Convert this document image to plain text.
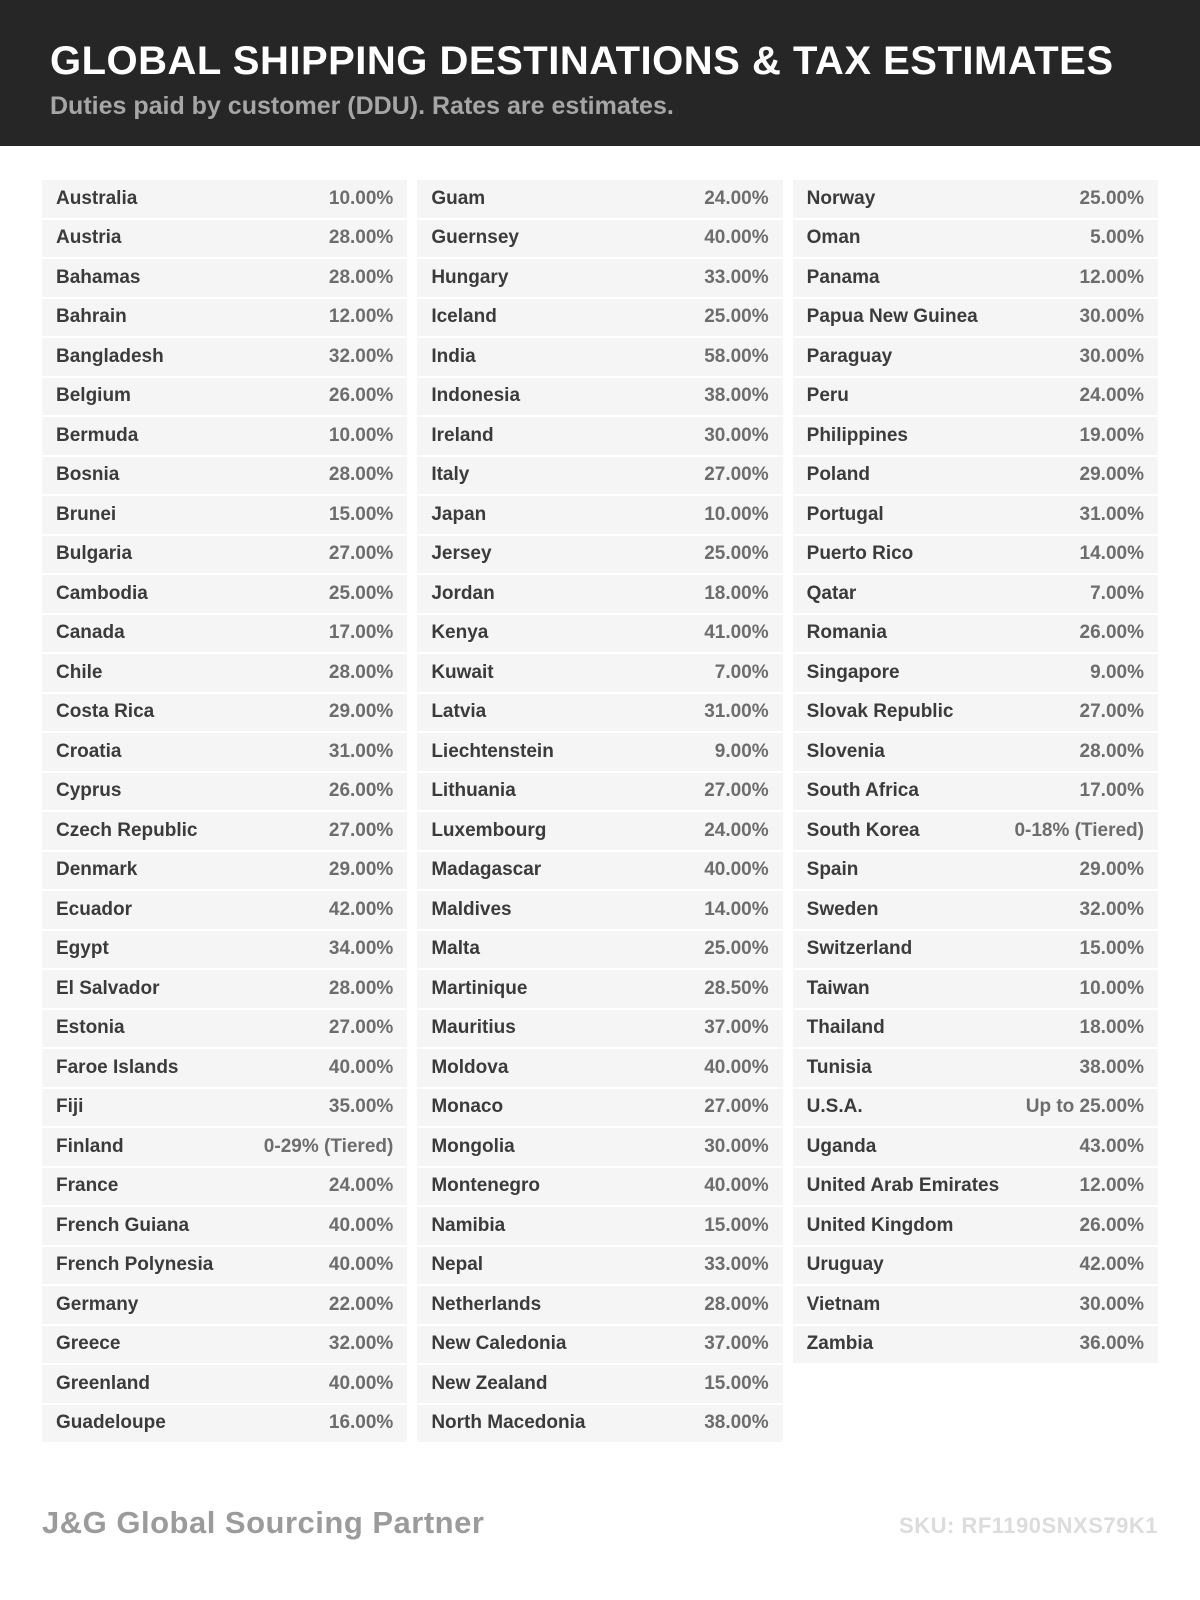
GLOBAL SHIPPING DESTINATIONS & TAX ESTIMATES
Duties paid by customer (DDU). Rates are estimates.
Australia	10.00%
Austria	28.00%
Bahamas	28.00%
Bahrain	12.00%
Bangladesh	32.00%
Belgium	26.00%
Bermuda	10.00%
Bosnia	28.00%
Brunei	15.00%
Bulgaria	27.00%
Cambodia	25.00%
Canada	17.00%
Chile	28.00%
Costa Rica	29.00%
Croatia	31.00%
Cyprus	26.00%
Czech Republic	27.00%
Denmark	29.00%
Ecuador	42.00%
Egypt	34.00%
El Salvador	28.00%
Estonia	27.00%
Faroe Islands	40.00%
Fiji	35.00%
Finland	0-29% (Tiered)
France	24.00%
French Guiana	40.00%
French Polynesia	40.00%
Germany	22.00%
Greece	32.00%
Greenland	40.00%
Guadeloupe	16.00%
Guam	24.00%
Guernsey	40.00%
Hungary	33.00%
Iceland	25.00%
India	58.00%
Indonesia	38.00%
Ireland	30.00%
Italy	27.00%
Japan	10.00%
Jersey	25.00%
Jordan	18.00%
Kenya	41.00%
Kuwait	7.00%
Latvia	31.00%
Liechtenstein	9.00%
Lithuania	27.00%
Luxembourg	24.00%
Madagascar	40.00%
Maldives	14.00%
Malta	25.00%
Martinique	28.50%
Mauritius	37.00%
Moldova	40.00%
Monaco	27.00%
Mongolia	30.00%
Montenegro	40.00%
Namibia	15.00%
Nepal	33.00%
Netherlands	28.00%
New Caledonia	37.00%
New Zealand	15.00%
North Macedonia	38.00%
Norway	25.00%
Oman	5.00%
Panama	12.00%
Papua New Guinea	30.00%
Paraguay	30.00%
Peru	24.00%
Philippines	19.00%
Poland	29.00%
Portugal	31.00%
Puerto Rico	14.00%
Qatar	7.00%
Romania	26.00%
Singapore	9.00%
Slovak Republic	27.00%
Slovenia	28.00%
South Africa	17.00%
South Korea	0-18% (Tiered)
Spain	29.00%
Sweden	32.00%
Switzerland	15.00%
Taiwan	10.00%
Thailand	18.00%
Tunisia	38.00%
U.S.A.	Up to 25.00%
Uganda	43.00%
United Arab Emirates	12.00%
United Kingdom	26.00%
Uruguay	42.00%
Vietnam	30.00%
Zambia	36.00%
J&G Global Sourcing Partner	SKU: RF1190SNXS79K1
